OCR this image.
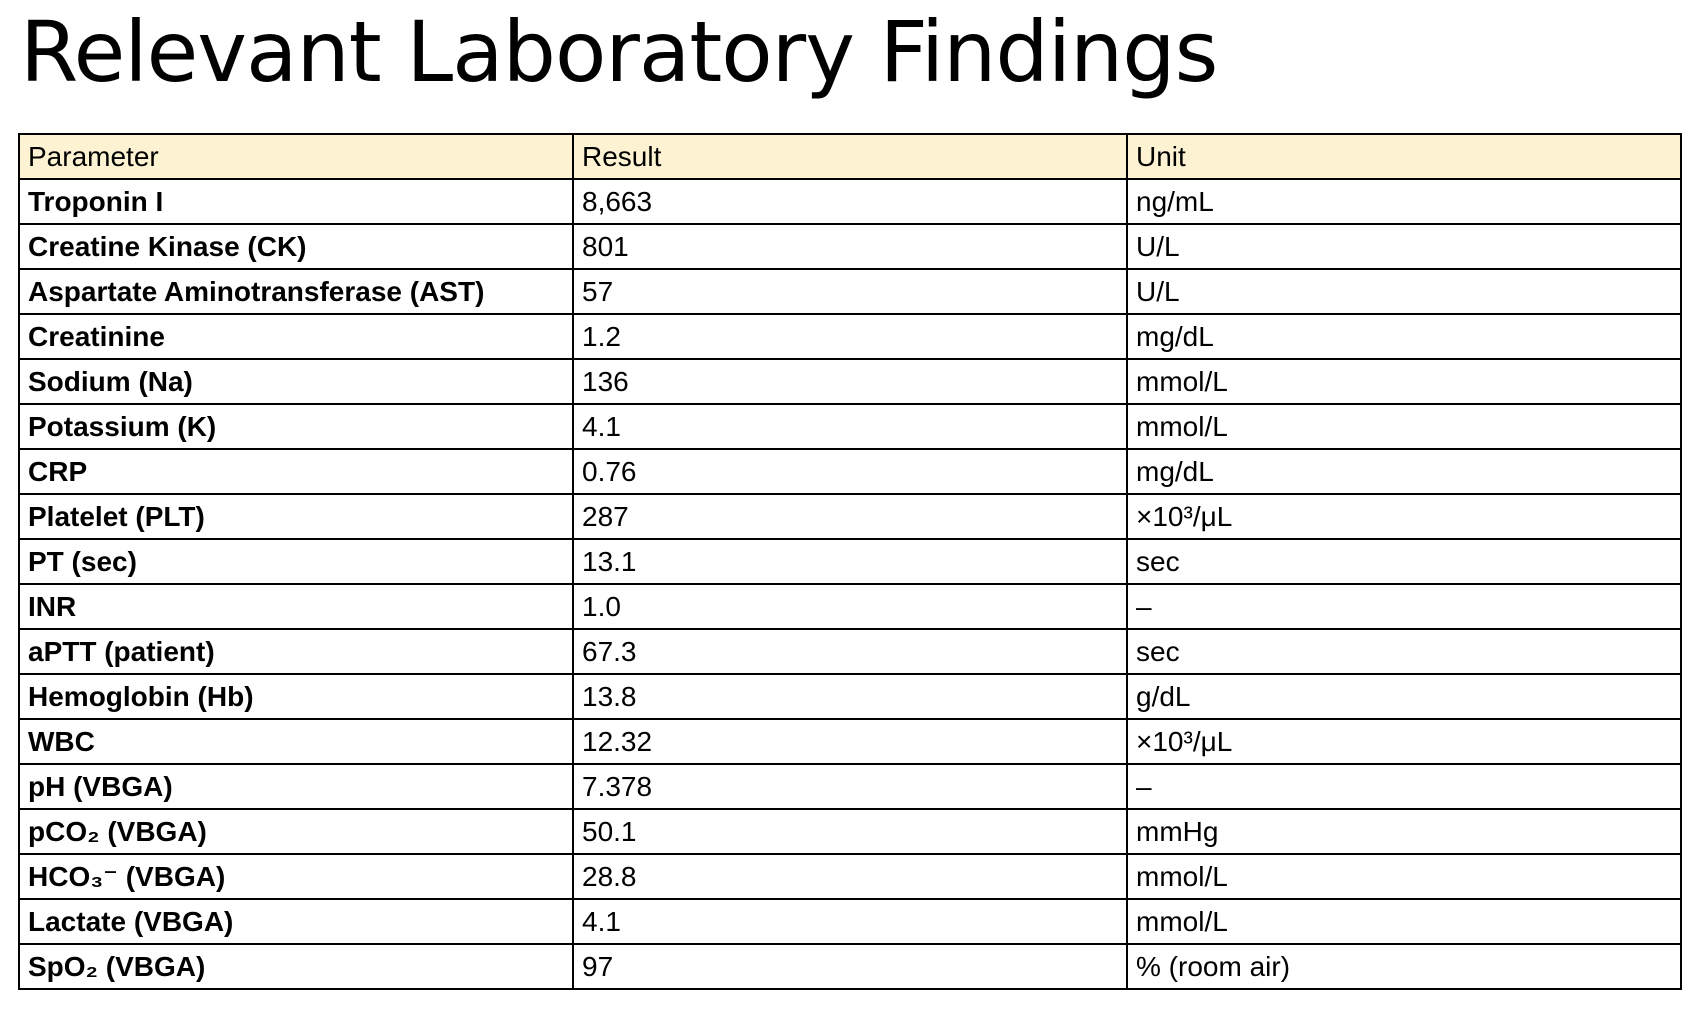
Relevant Laboratory Findings
Parameter	Result	Unit
Troponin I	8,663	ng/mL
Creatine Kinase (CK)	801	U/L
Aspartate Aminotransferase (AST)	57	U/L
Creatinine	1.2	mg/dL
Sodium (Na)	136	mmol/L
Potassium (K)	4.1	mmol/L
CRP	0.76	mg/dL
Platelet (PLT)	287	×10³/μL
PT (sec)	13.1	sec
INR	1.0	–
aPTT (patient)	67.3	sec
Hemoglobin (Hb)	13.8	g/dL
WBC	12.32	×10³/μL
pH (VBGA)	7.378	–
pCO₂ (VBGA)	50.1	mmHg
HCO₃⁻ (VBGA)	28.8	mmol/L
Lactate (VBGA)	4.1	mmol/L
SpO₂ (VBGA)	97	% (room air)
